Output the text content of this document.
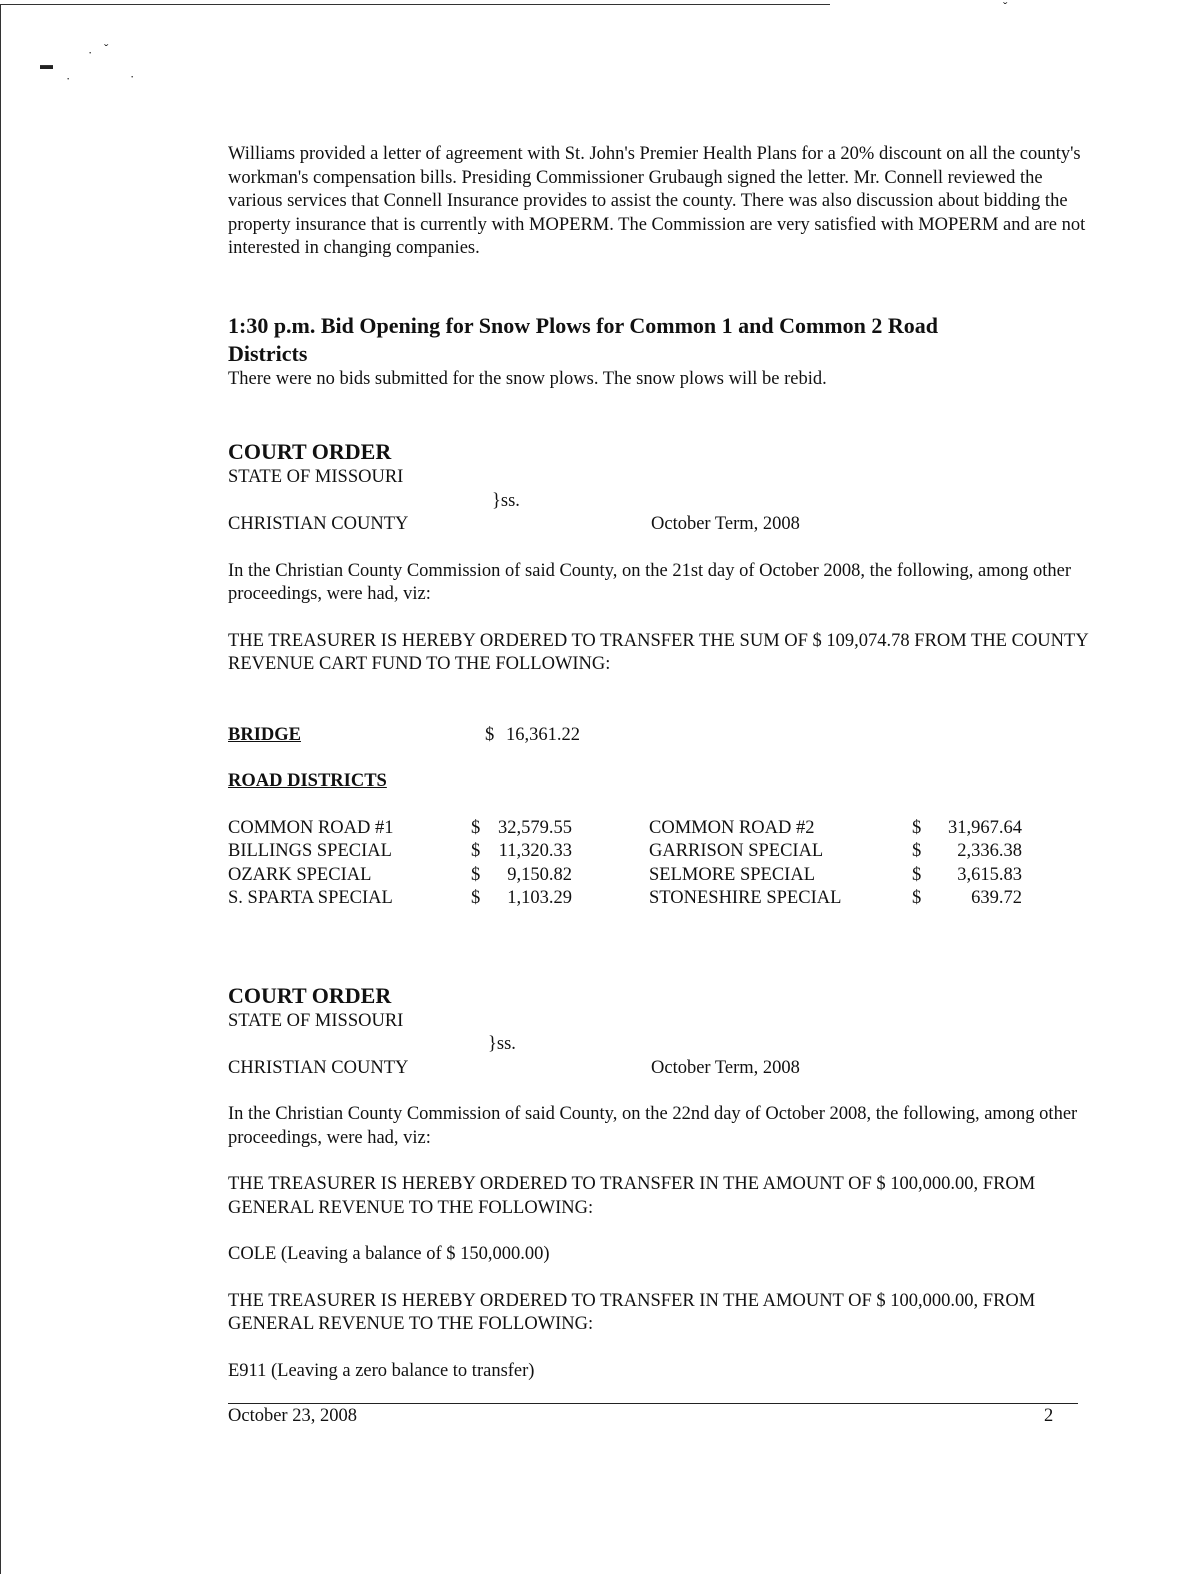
▬
· ˇ
·	·
ˇ

Williams provided a letter of agreement with St. John's Premier Health Plans for a 20% discount on all the county's workman's compensation bills. Presiding Commissioner Grubaugh signed the letter. Mr. Connell reviewed the various services that Connell Insurance provides to assist the county. There was also discussion about bidding the property insurance that is currently with MOPERM. The Commission are very satisfied with MOPERM and are not interested in changing companies.

1:30 p.m. Bid Opening for Snow Plows for Common 1 and Common 2 Road Districts

There were no bids submitted for the snow plows. The snow plows will be rebid.

COURT ORDER

STATE OF MISSOURI
}ss.
CHRISTIAN COUNTY	October Term, 2008

In the Christian County Commission of said County, on the 21st day of October 2008, the following, among other proceedings, were had, viz:

THE TREASURER IS HEREBY ORDERED TO TRANSFER THE SUM OF $ 109,074.78 FROM THE COUNTY REVENUE CART FUND TO THE FOLLOWING:

BRIDGE	$ 16,361.22
ROAD DISTRICTS
COMMON ROAD #1	$ 32,579.55	COMMON ROAD #2	$	31,967.64
BILLINGS SPECIAL	$ 11,320.33	GARRISON SPECIAL	$	2,336.38
OZARK SPECIAL	$	9,150.82	SELMORE SPECIAL	$	3,615.83
S. SPARTA SPECIAL	$	1,103.29	STONESHIRE SPECIAL	$	639.72

COURT ORDER

STATE OF MISSOURI
}ss.
CHRISTIAN COUNTY	October Term, 2008

In the Christian County Commission of said County, on the 22nd day of October 2008, the following, among other proceedings, were had, viz:

THE TREASURER IS HEREBY ORDERED TO TRANSFER IN THE AMOUNT OF $ 100,000.00, FROM GENERAL REVENUE TO THE FOLLOWING:

COLE (Leaving a balance of $ 150,000.00)

THE TREASURER IS HEREBY ORDERED TO TRANSFER IN THE AMOUNT OF $ 100,000.00, FROM GENERAL REVENUE TO THE FOLLOWING:

E911 (Leaving a zero balance to transfer)

October 23, 2008	2
